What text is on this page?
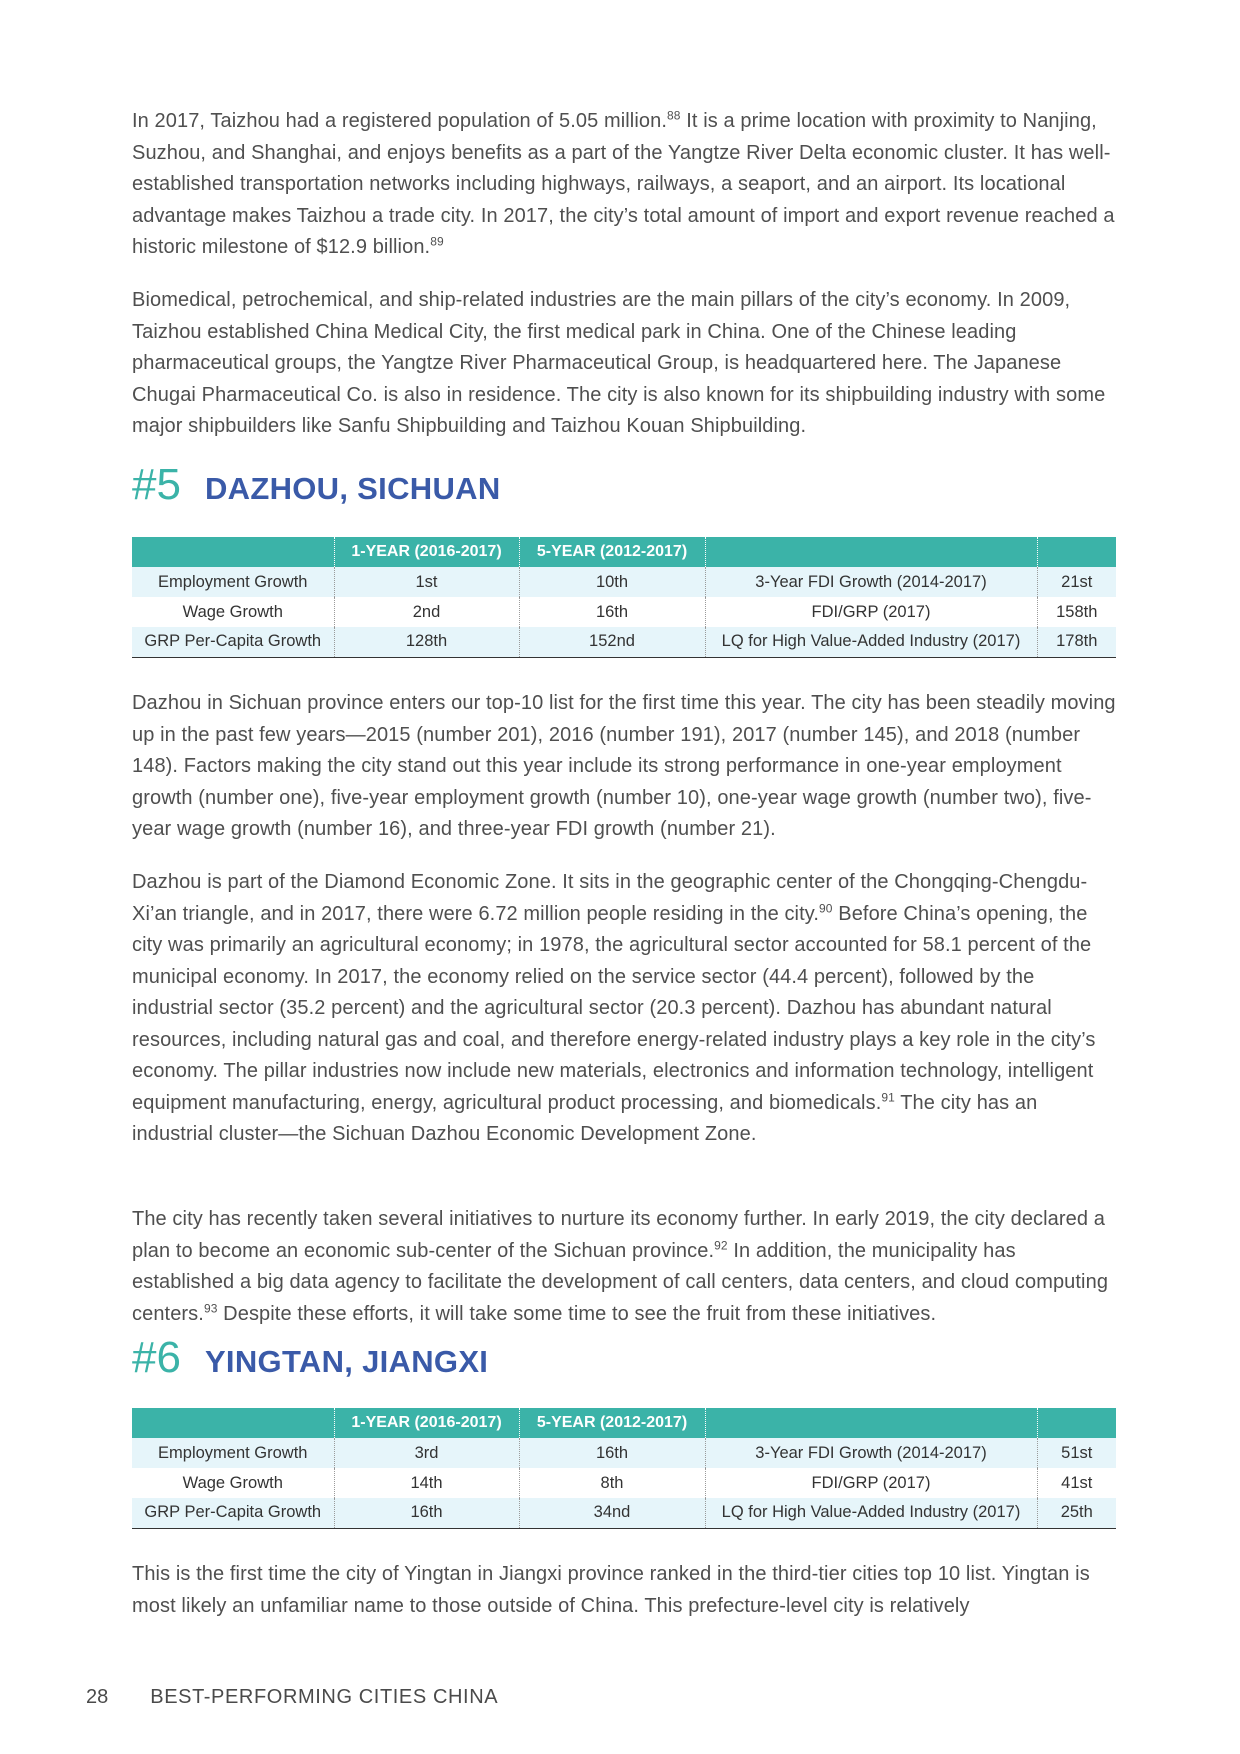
In 2017, Taizhou had a registered population of 5.05 million.$^{88}$ It is a prime location with proximity to Nanjing, Suzhou, and Shanghai, and enjoys benefits as a part of the Yangtze River Delta economic cluster. It has well-established transportation networks including highways, railways, a seaport, and an airport. Its locational advantage makes Taizhou a trade city. In 2017, the city’s total amount of import and export revenue reached a historic milestone of $12.9 billion.$^{89}$

Biomedical, petrochemical, and ship-related industries are the main pillars of the city’s economy. In 2009, Taizhou established China Medical City, the first medical park in China. One of the Chinese leading pharmaceutical groups, the Yangtze River Pharmaceutical Group, is headquartered here. The Japanese Chugai Pharmaceutical Co. is also in residence. The city is also known for its shipbuilding industry with some major shipbuilders like Sanfu Shipbuilding and Taizhou Kouan Shipbuilding.

#5 DAZHOU, SICHUAN
	1-YEAR (2016-2017)	5-YEAR (2012-2017)		
Employment Growth	1st	10th	3-Year FDI Growth (2014-2017)	21st
Wage Growth	2nd	16th	FDI/GRP (2017)	158th
GRP Per-Capita Growth	128th	152nd	LQ for High Value-Added Industry (2017)	178th

Dazhou in Sichuan province enters our top-10 list for the first time this year. The city has been steadily moving up in the past few years—2015 (number 201), 2016 (number 191), 2017 (number 145), and 2018 (number 148). Factors making the city stand out this year include its strong performance in one-year employment growth (number one), five-year employment growth (number 10), one-year wage growth (number two), five-year wage growth (number 16), and three-year FDI growth (number 21).

Dazhou is part of the Diamond Economic Zone. It sits in the geographic center of the Chongqing-Chengdu-Xi’an triangle, and in 2017, there were 6.72 million people residing in the city.$^{90}$ Before China’s opening, the city was primarily an agricultural economy; in 1978, the agricultural sector accounted for 58.1 percent of the municipal economy. In 2017, the economy relied on the service sector (44.4 percent), followed by the industrial sector (35.2 percent) and the agricultural sector (20.3 percent). Dazhou has abundant natural resources, including natural gas and coal, and therefore energy-related industry plays a key role in the city’s economy. The pillar industries now include new materials, electronics and information technology, intelligent equipment manufacturing, energy, agricultural product processing, and biomedicals.$^{91}$ The city has an industrial cluster—the Sichuan Dazhou Economic Development Zone.

The city has recently taken several initiatives to nurture its economy further. In early 2019, the city declared a plan to become an economic sub-center of the Sichuan province.$^{92}$ In addition, the municipality has established a big data agency to facilitate the development of call centers, data centers, and cloud computing centers.$^{93}$ Despite these efforts, it will take some time to see the fruit from these initiatives.

#6 YINGTAN, JIANGXI
	1-YEAR (2016-2017)	5-YEAR (2012-2017)		
Employment Growth	3rd	16th	3-Year FDI Growth (2014-2017)	51st
Wage Growth	14th	8th	FDI/GRP (2017)	41st
GRP Per-Capita Growth	16th	34nd	LQ for High Value-Added Industry (2017)	25th

This is the first time the city of Yingtan in Jiangxi province ranked in the third-tier cities top 10 list. Yingtan is most likely an unfamiliar name to those outside of China. This prefecture-level city is relatively

28 BEST-PERFORMING CITIES CHINA
